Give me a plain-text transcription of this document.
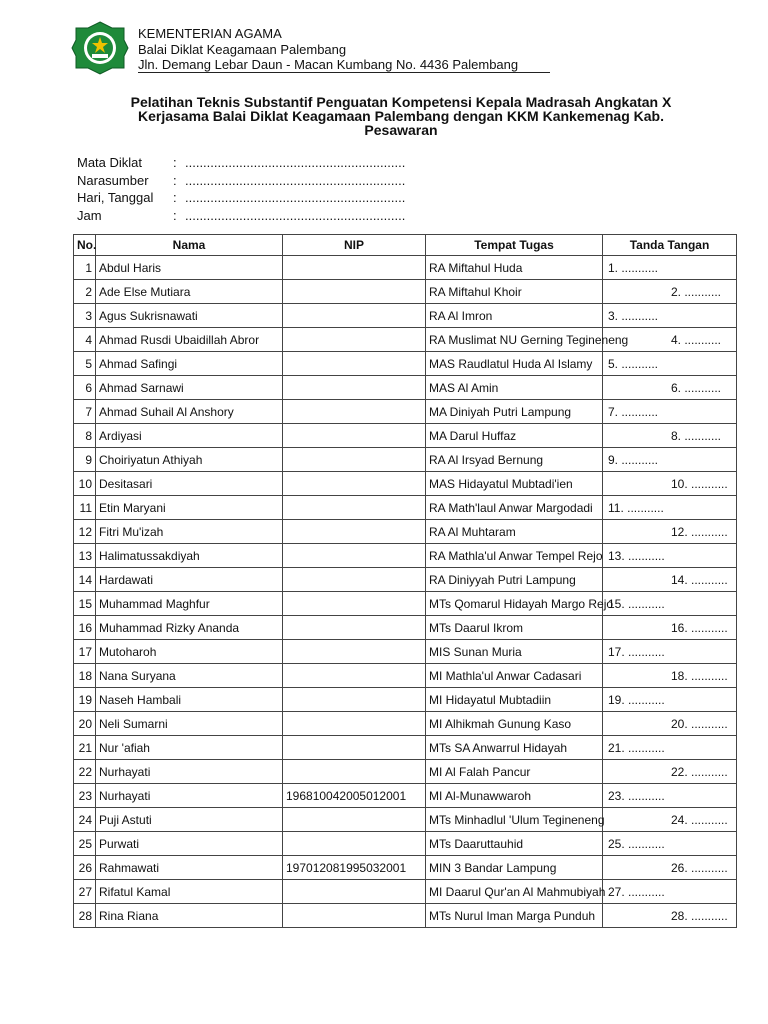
KEMENTERIAN AGAMA
Balai Diklat Keagamaan Palembang
Jln. Demang Lebar Daun - Macan Kumbang No. 4436 Palembang
Pelatihan Teknis Substantif Penguatan Kompetensi Kepala Madrasah Angkatan X
Kerjasama Balai Diklat Keagamaan Palembang dengan KKM Kankemenag Kab.
Pesawaran
Mata Diklat	: .............................................................
Narasumber	: .............................................................
Hari, Tanggal	: .............................................................
Jam	: .............................................................
No.	Nama	NIP	Tempat Tugas	Tanda Tangan
1	Abdul Haris		RA Miftahul Huda	1. ...........
2	Ade Else Mutiara		RA Miftahul Khoir	2. ...........

3	Agus Sukrisnawati		RA Al Imron	3. ...........
4	Ahmad Rusdi Ubaidillah Abror		RA Muslimat NU Gerning Tegineneng	4. ...........

5	Ahmad Safingi		MAS Raudlatul Huda Al Islamy	5. ...........
6	Ahmad Sarnawi		MAS Al Amin	6. ...........

7	Ahmad Suhail Al Anshory		MA Diniyah Putri Lampung	7. ...........
8	Ardiyasi		MA Darul Huffaz	8. ...........

9	Choiriyatun Athiyah		RA Al Irsyad Bernung	9. ...........
10	Desitasari		MAS Hidayatul Mubtadi'ien	10. ...........

11	Etin Maryani		RA Math'laul Anwar Margodadi	11. ...........
12	Fitri Mu'izah		RA Al Muhtaram	12. ...........

13	Halimatussakdiyah		RA Mathla'ul Anwar Tempel Rejo	13. ...........
14	Hardawati		RA Diniyyah Putri Lampung	14. ...........

15	Muhammad Maghfur		MTs Qomarul Hidayah Margo Rejo	15. ...........
16	Muhammad Rizky Ananda		MTs Daarul Ikrom	16. ...........

17	Mutoharoh		MIS Sunan Muria	17. ...........
18	Nana Suryana		MI Mathla'ul Anwar Cadasari	18. ...........

19	Naseh Hambali		MI Hidayatul Mubtadiin	19. ...........
20	Neli Sumarni		MI Alhikmah Gunung Kaso	20. ...........

21	Nur 'afiah		MTs SA Anwarrul Hidayah	21. ...........
22	Nurhayati		MI Al Falah Pancur	22. ...........

23	Nurhayati	196810042005012001	MI Al-Munawwaroh	23. ...........
24	Puji Astuti		MTs Minhadlul 'Ulum Tegineneng	24. ...........

25	Purwati		MTs Daaruttauhid	25. ...........
26	Rahmawati	197012081995032001	MIN 3 Bandar Lampung	26. ...........

27	Rifatul Kamal		MI Daarul Qur'an Al Mahmubiyah	27. ...........
28	Rina Riana		MTs Nurul Iman Marga Punduh	28. ...........
